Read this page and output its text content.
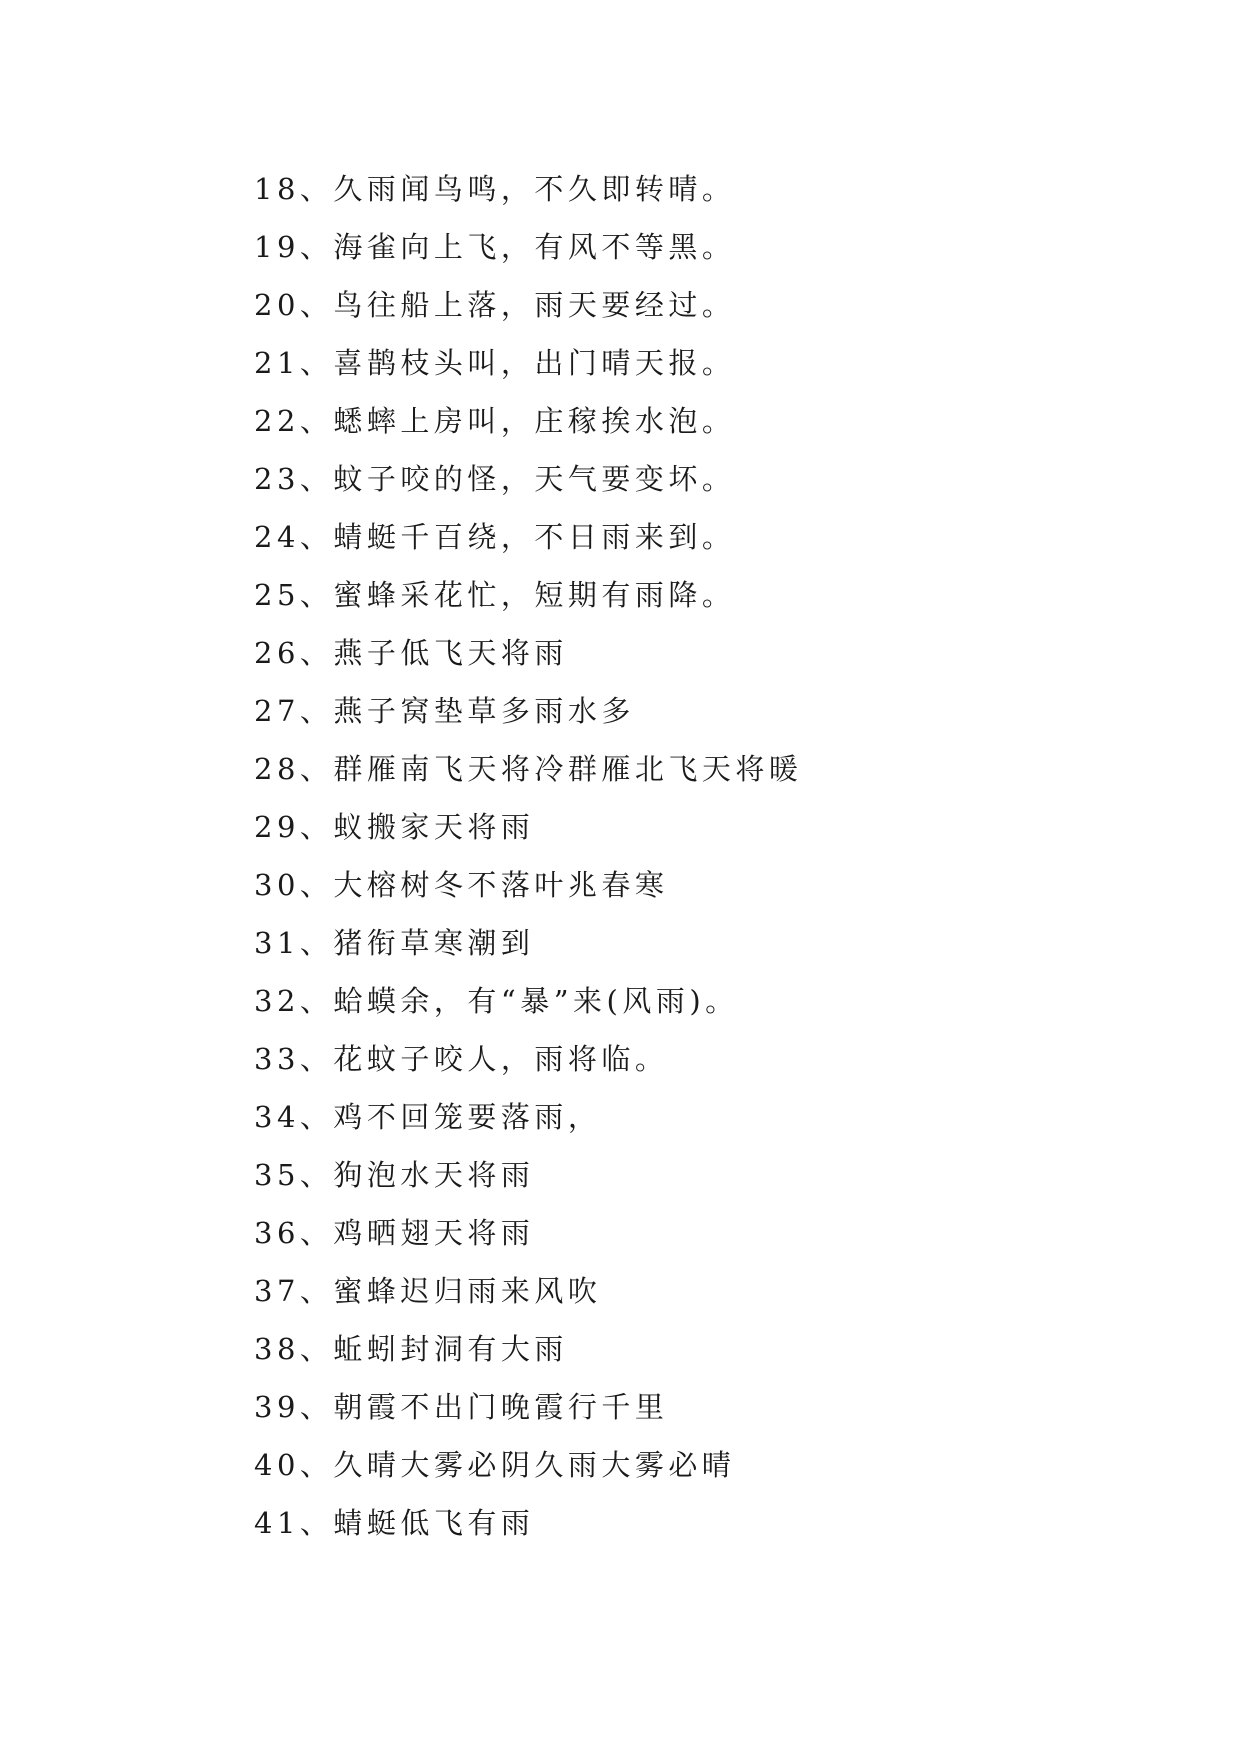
18、久雨闻鸟鸣，不久即转晴。
19、海雀向上飞，有风不等黑。
20、鸟往船上落，雨天要经过。
21、喜鹊枝头叫，出门晴天报。
22、蟋蟀上房叫，庄稼挨水泡。
23、蚊子咬的怪，天气要变坏。
24、蜻蜓千百绕，不日雨来到。
25、蜜蜂采花忙，短期有雨降。
26、燕子低飞天将雨
27、燕子窝垫草多雨水多
28、群雁南飞天将冷群雁北飞天将暖
29、蚁搬家天将雨
30、大榕树冬不落叶兆春寒
31、猪衔草寒潮到
32、蛤蟆余，有“暴”来(风雨)。
33、花蚊子咬人，雨将临。
34、鸡不回笼要落雨，
35、狗泡水天将雨
36、鸡晒翅天将雨
37、蜜蜂迟归雨来风吹
38、蚯蚓封洞有大雨
39、朝霞不出门晚霞行千里
40、久晴大雾必阴久雨大雾必晴
41、蜻蜓低飞有雨
